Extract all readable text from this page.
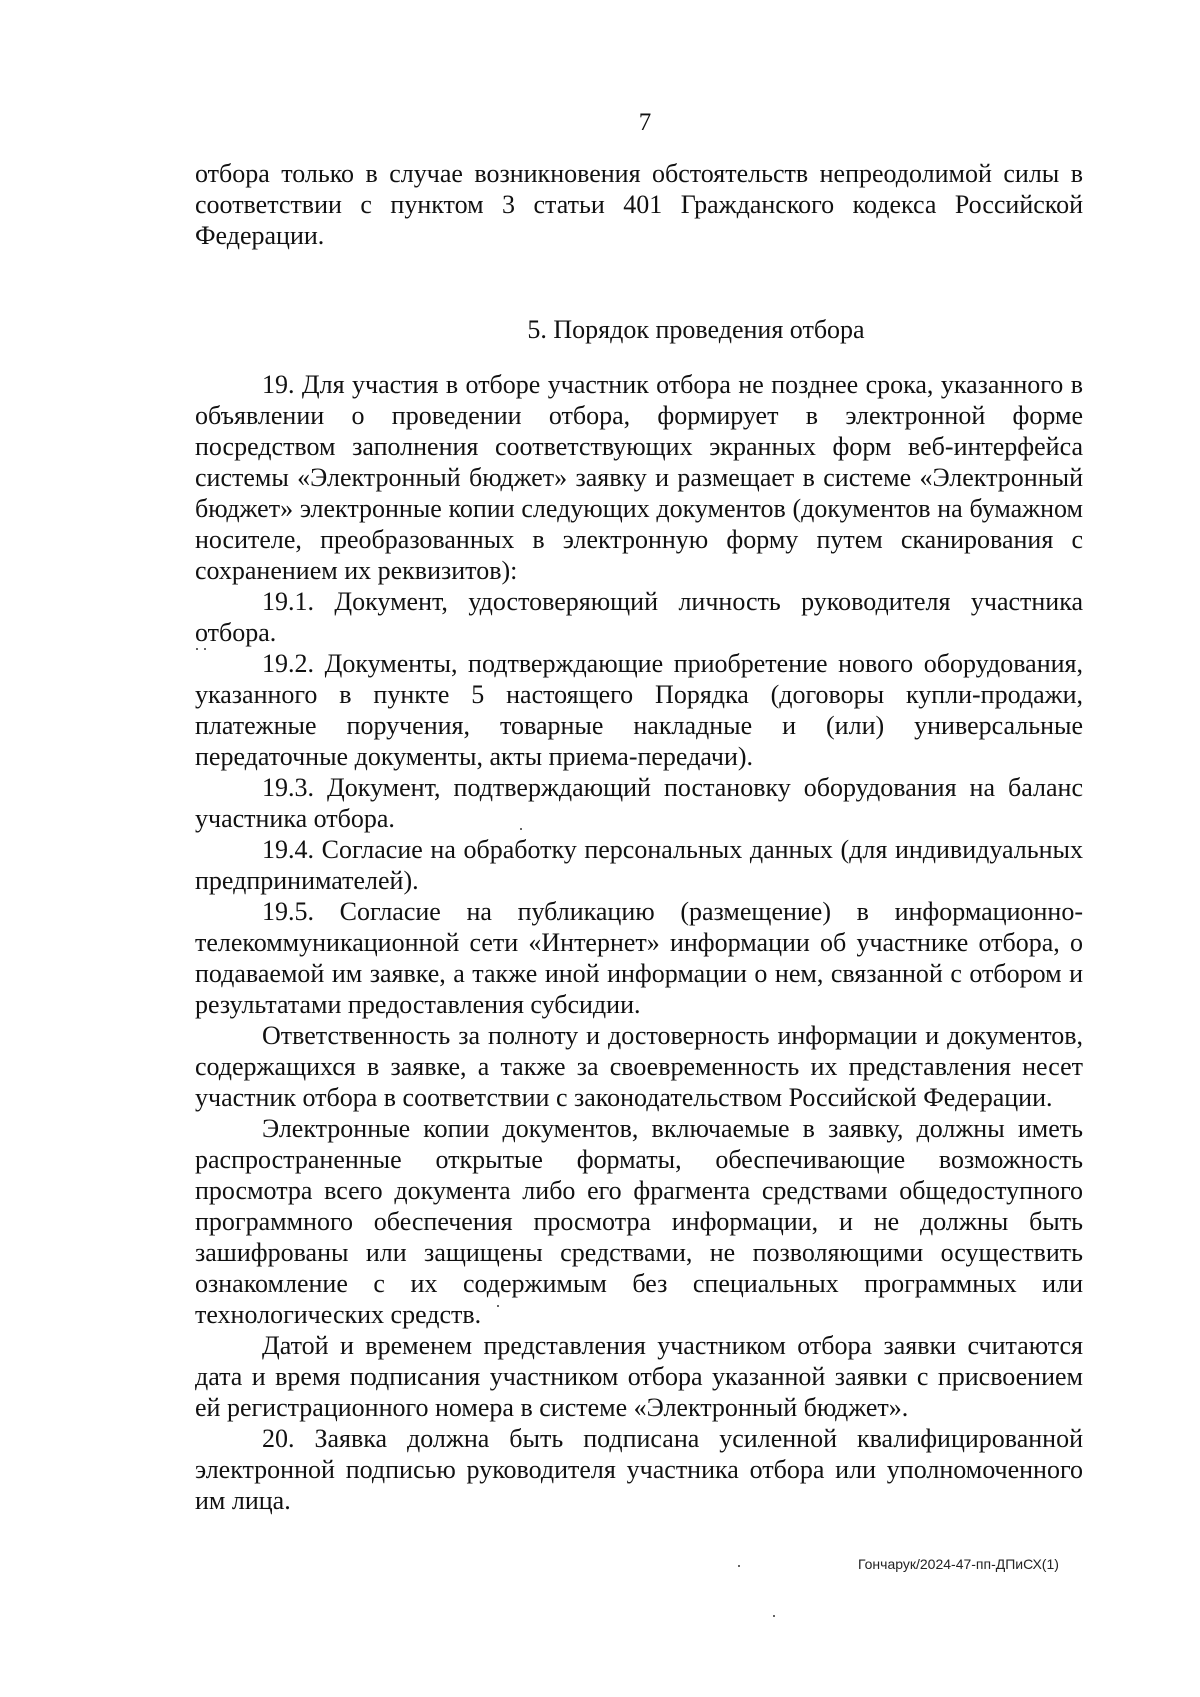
7

отбора только в случае возникновения обстоятельств непреодолимой силы в соответствии с пунктом 3 статьи 401 Гражданского кодекса Российской Федерации.

5. Порядок проведения отбора

19. Для участия в отборе участник отбора не позднее срока, указанного в объявлении о проведении отбора, формирует в электронной форме посредством заполнения соответствующих экранных форм веб-интерфейса системы «Электронный бюджет» заявку и размещает в системе «Электронный бюджет» электронные копии следующих документов (документов на бумажном носителе, преобразованных в электронную форму путем сканирования с сохранением их реквизитов):

19.1. Документ, удостоверяющий личность руководителя участника отбора.

19.2. Документы, подтверждающие приобретение нового оборудования, указанного в пункте 5 настоящего Порядка (договоры купли-продажи, платежные поручения, товарные накладные и (или) универсальные передаточные документы, акты приема-передачи).

19.3. Документ, подтверждающий постановку оборудования на баланс участника отбора.

19.4. Согласие на обработку персональных данных (для индивидуальных предпринимателей).

19.5. Согласие на публикацию (размещение) в информационно-телекоммуникационной сети «Интернет» информации об участнике отбора, о подаваемой им заявке, а также иной информации о нем, связанной с отбором и результатами предоставления субсидии.

Ответственность за полноту и достоверность информации и документов, содержащихся в заявке, а также за своевременность их представления несет участник отбора в соответствии с законодательством Российской Федерации.

Электронные копии документов, включаемые в заявку, должны иметь распространенные открытые форматы, обеспечивающие возможность просмотра всего документа либо его фрагмента средствами общедоступного программного обеспечения просмотра информации, и не должны быть зашифрованы или защищены средствами, не позволяющими осуществить ознакомление с их содержимым без специальных программных или технологических средств.

Датой и временем представления участником отбора заявки считаются дата и время подписания участником отбора указанной заявки с присвоением ей регистрационного номера в системе «Электронный бюджет».

20. Заявка должна быть подписана усиленной квалифицированной электронной подписью руководителя участника отбора или уполномоченного им лица.

Гончарук/2024-47-пп-ДПиСХ(1)
